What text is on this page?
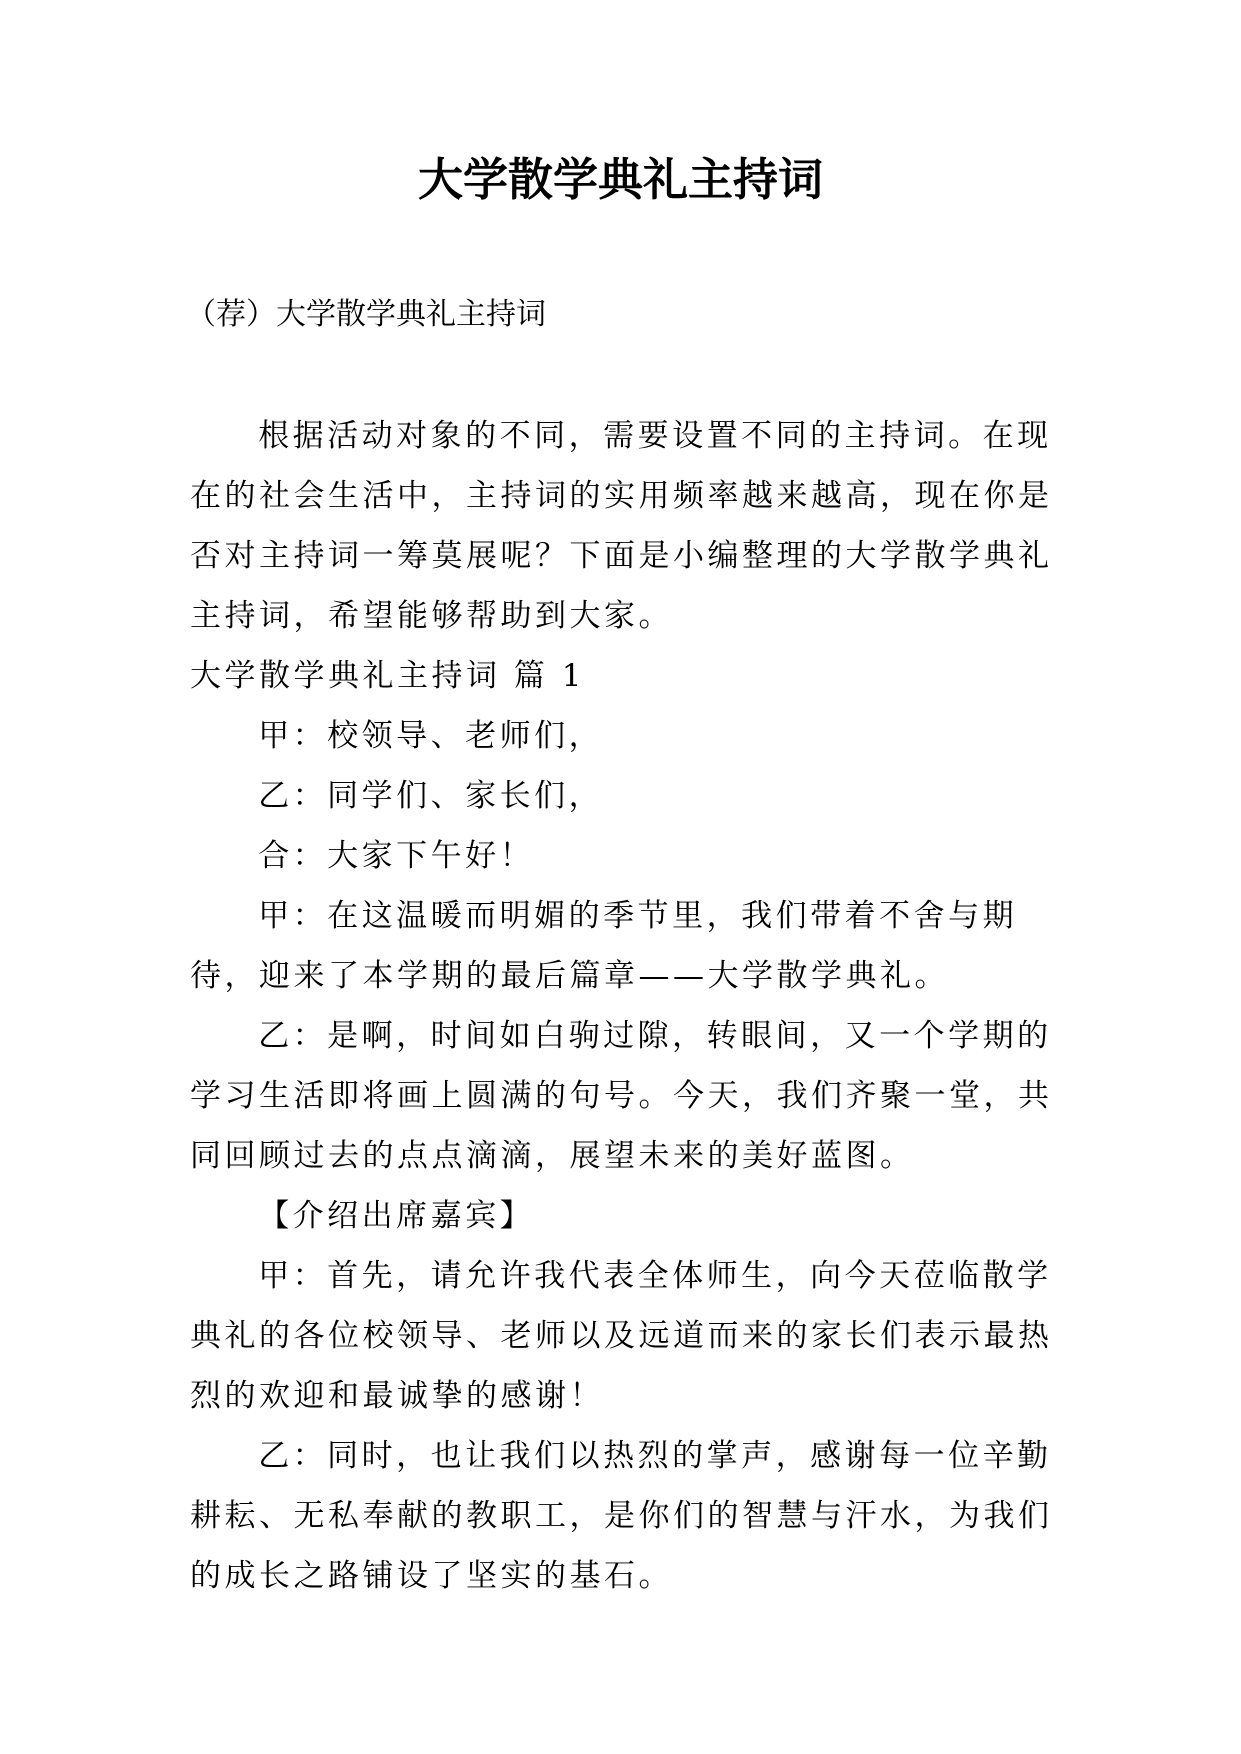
大学散学典礼主持词

（荐）大学散学典礼主持词

根据活动对象的不同，需要设置不同的主持词。在现在的社会生活中，主持词的实用频率越来越高，现在你是否对主持词一筹莫展呢？下面是小编整理的大学散学典礼主持词，希望能够帮助到大家。

大学散学典礼主持词 篇 1

甲：校领导、老师们，

乙：同学们、家长们，

合：大家下午好！

甲：在这温暖而明媚的季节里，我们带着不舍与期待，迎来了本学期的最后篇章——大学散学典礼。

乙：是啊，时间如白驹过隙，转眼间，又一个学期的学习生活即将画上圆满的句号。今天，我们齐聚一堂，共同回顾过去的点点滴滴，展望未来的美好蓝图。

【介绍出席嘉宾】

甲：首先，请允许我代表全体师生，向今天莅临散学典礼的各位校领导、老师以及远道而来的家长们表示最热烈的欢迎和最诚挚的感谢！

乙：同时，也让我们以热烈的掌声，感谢每一位辛勤耕耘、无私奉献的教职工，是你们的智慧与汗水，为我们的成长之路铺设了坚实的基石。
